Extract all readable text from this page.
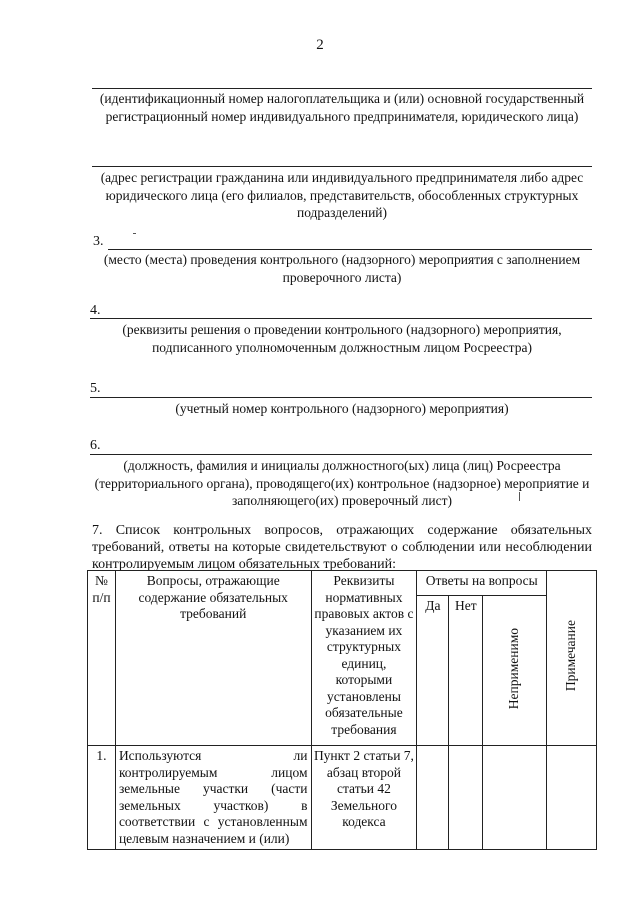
2
(идентификационный номер налогоплательщика и (или) основной государственный регистрационный номер индивидуального предпринимателя, юридического лица)
(адрес регистрации гражданина или индивидуального предпринимателя либо адрес юридического лица (его филиалов, представительств, обособленных структурных подразделений)
3.
(место (места) проведения контрольного (надзорного) мероприятия с заполнением проверочного листа)
4.
(реквизиты решения о проведении контрольного (надзорного) мероприятия, подписанного уполномоченным должностным лицом Росреестра)
5.
(учетный номер контрольного (надзорного) мероприятия)
6.
(должность, фамилия и инициалы должностного(ых) лица (лиц) Росреестра (территориального органа), проводящего(их) контрольное (надзорное) мероприятие и заполняющего(их) проверочный лист)
7. Список контрольных вопросов, отражающих содержание обязательных требований, ответы на которые свидетельствуют о соблюдении или несоблюдении
контролируемым лицом обязательных требований:
№ п/п	Вопросы, отражающие содержание обязательных требований	Реквизиты нормативных правовых актов с указанием их структурных единиц, которыми установлены обязательные требования	Ответы на вопросы			Примечание
			Да	Нет	Неприменимо	
1.	Используются ли контролируемым лицом земельные участки (части земельных участков) в соответствии с установленным целевым назначением и (или)	Пункт 2 статьи 7, абзац второй статьи 42 Земельного кодекса				
